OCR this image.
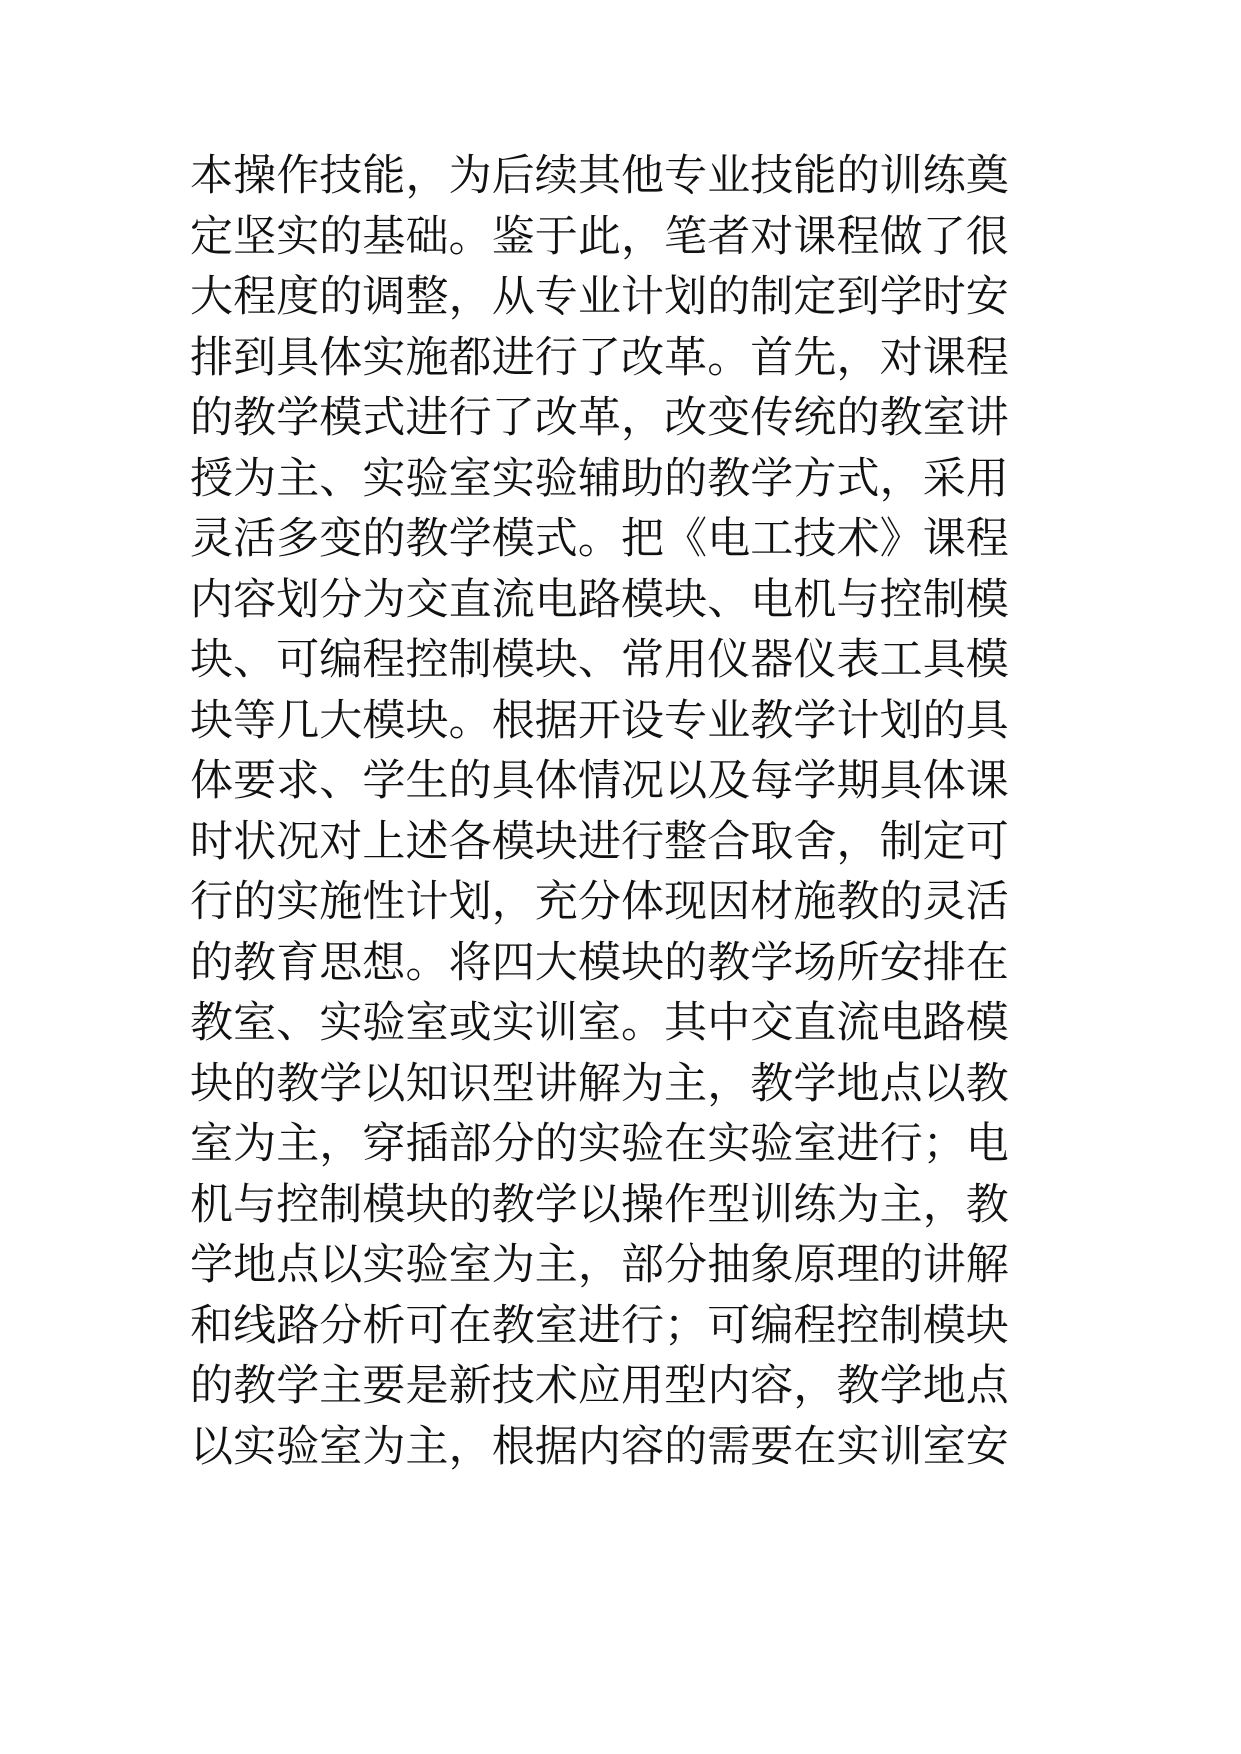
本操作技能，为后续其他专业技能的训练奠
定坚实的基础。鉴于此，笔者对课程做了很
大程度的调整，从专业计划的制定到学时安
排到具体实施都进行了改革。首先，对课程
的教学模式进行了改革，改变传统的教室讲
授为主、实验室实验辅助的教学方式，采用
灵活多变的教学模式。把《电工技术》课程
内容划分为交直流电路模块、电机与控制模
块、可编程控制模块、常用仪器仪表工具模
块等几大模块。根据开设专业教学计划的具
体要求、学生的具体情况以及每学期具体课
时状况对上述各模块进行整合取舍，制定可
行的实施性计划，充分体现因材施教的灵活
的教育思想。将四大模块的教学场所安排在
教室、实验室或实训室。其中交直流电路模
块的教学以知识型讲解为主，教学地点以教
室为主，穿插部分的实验在实验室进行；电
机与控制模块的教学以操作型训练为主，教
学地点以实验室为主，部分抽象原理的讲解
和线路分析可在教室进行；可编程控制模块
的教学主要是新技术应用型内容，教学地点
以实验室为主，根据内容的需要在实训室安
